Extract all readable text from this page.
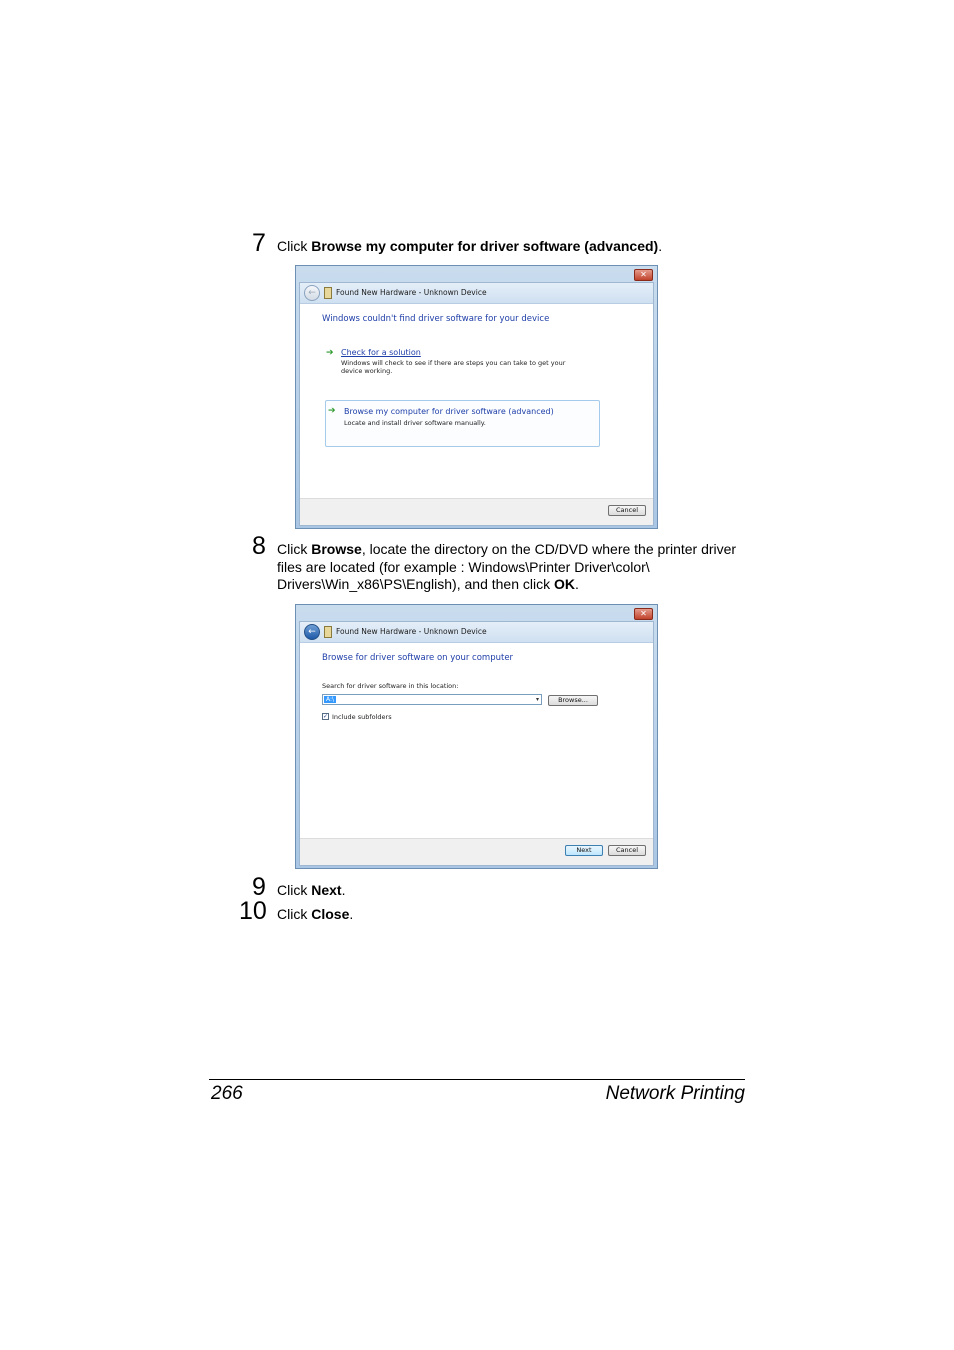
7 Click Browse my computer for driver software (advanced).
✕
←	Found New Hardware - Unknown Device
Windows couldn't find driver software for your device
➔ Check for a solution
Windows will check to see if there are steps you can take to get your device working.
➔ Browse my computer for driver software (advanced)
Locate and install driver software manually.
Cancel
8 Click Browse, locate the directory on the CD/DVD where the printer driver files are located (for example : Windows\Printer Driver\color\ Drivers\Win_x86\PS\English), and then click OK.
✕
←	Found New Hardware - Unknown Device
Browse for driver software on your computer
Search for driver software in this location:
A:\	▾	Browse...
✓ Include subfolders
Next	Cancel
9 Click Next.
10 Click Close.
266	Network Printing
